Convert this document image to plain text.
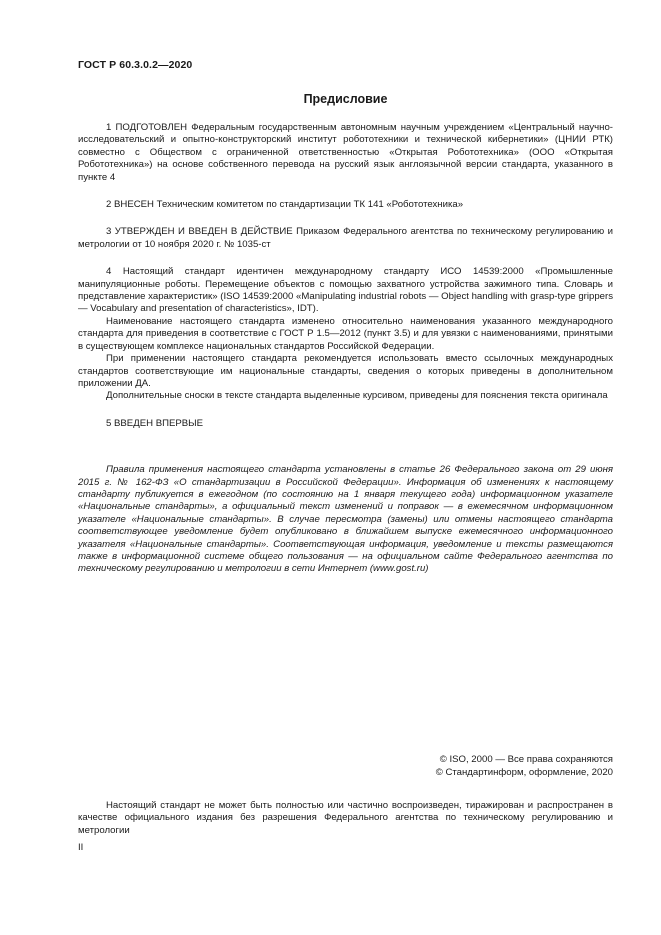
ГОСТ Р 60.3.0.2—2020
Предисловие

1 ПОДГОТОВЛЕН Федеральным государственным автономным научным учреждением «Центральный научно-исследовательский и опытно-конструкторский институт робототехники и технической кибернетики» (ЦНИИ РТК) совместно с Обществом с ограниченной ответственностью «Открытая Робототехника» (ООО «Открытая Робототехника») на основе собственного перевода на русский язык англоязычной версии стандарта, указанного в пункте 4

2 ВНЕСЕН Техническим комитетом по стандартизации ТК 141 «Робототехника»

3 УТВЕРЖДЕН И ВВЕДЕН В ДЕЙСТВИЕ Приказом Федерального агентства по техническому регулированию и метрологии от 10 ноября 2020 г. № 1035-ст

4 Настоящий стандарт идентичен международному стандарту ИСО 14539:2000 «Промышленные манипуляционные роботы. Перемещение объектов с помощью захватного устройства зажимного типа. Словарь и представление характеристик» (ISO 14539:2000 «Manipulating industrial robots — Object handling with grasp-type grippers — Vocabulary and presentation of characteristics», IDT).

Наименование настоящего стандарта изменено относительно наименования указанного международного стандарта для приведения в соответствие с ГОСТ Р 1.5—2012 (пункт 3.5) и для увязки с наименованиями, принятыми в существующем комплексе национальных стандартов Российской Федерации.

При применении настоящего стандарта рекомендуется использовать вместо ссылочных международных стандартов соответствующие им национальные стандарты, сведения о которых приведены в дополнительном приложении ДА.

Дополнительные сноски в тексте стандарта выделенные курсивом, приведены для пояснения текста оригинала

5 ВВЕДЕН ВПЕРВЫЕ

Правила применения настоящего стандарта установлены в статье 26 Федерального закона от 29 июня 2015 г. № 162-ФЗ «О стандартизации в Российской Федерации». Информация об изменениях к настоящему стандарту публикуется в ежегодном (по состоянию на 1 января текущего года) информационном указателе «Национальные стандарты», а официальный текст изменений и поправок — в ежемесячном информационном указателе «Национальные стандарты». В случае пересмотра (замены) или отмены настоящего стандарта соответствующее уведомление будет опубликовано в ближайшем выпуске ежемесячного информационного указателя «Национальные стандарты». Соответствующая информация, уведомление и тексты размещаются также в информационной системе общего пользования — на официальном сайте Федерального агентства по техническому регулированию и метрологии в сети Интернет (www.gost.ru)

© ISO, 2000 — Все права сохраняются
© Стандартинформ, оформление, 2020

Настоящий стандарт не может быть полностью или частично воспроизведен, тиражирован и распространен в качестве официального издания без разрешения Федерального агентства по техническому регулированию и метрологии

II
